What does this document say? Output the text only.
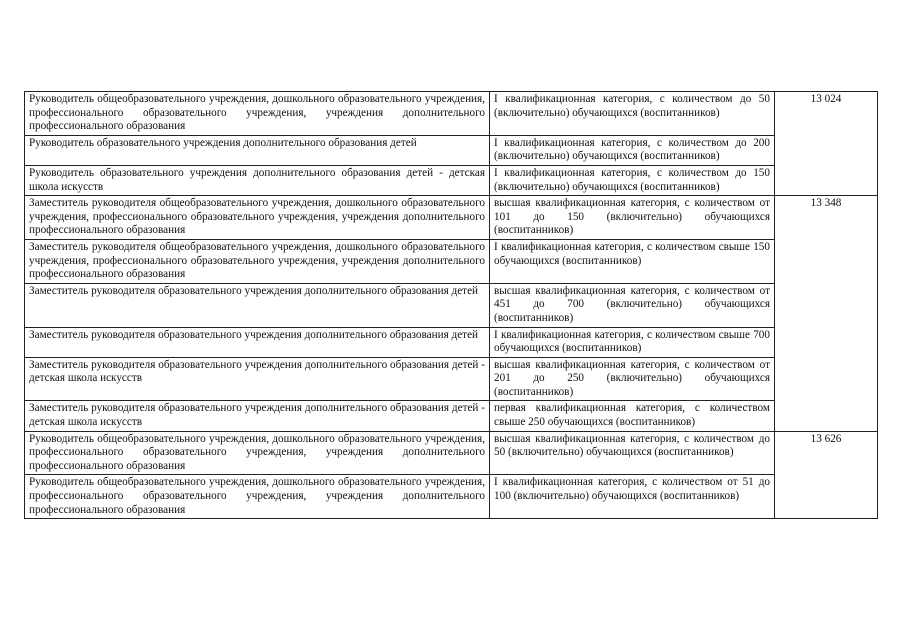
Руководитель общеобразовательного учреждения, дошкольного образовательного учреждения, профессионального образовательного учреждения, учреждения дополнительного профессионального образования	I квалификационная категория, с количеством до 50 (включительно) обучающихся (воспитанников)	13 024
Руководитель образовательного учреждения дополнительного образования детей	I квалификационная категория, с количеством до 200 (включительно) обучающихся (воспитанников)	
Руководитель образовательного учреждения дополнительного образования детей - детская школа искусств	I квалификационная категория, с количеством до 150 (включительно) обучающихся (воспитанников)	
Заместитель руководителя общеобразовательного учреждения, дошкольного образовательного учреждения, профессионального образовательного учреждения, учреждения дополнительного профессионального образования	высшая квалификационная категория, с количеством от 101 до 150 (включительно) обучающихся (воспитанников)	13 348
Заместитель руководителя общеобразовательного учреждения, дошкольного образовательного учреждения, профессионального образовательного учреждения, учреждения дополнительного профессионального образования	I квалификационная категория, с количеством свыше 150 обучающихся (воспитанников)	
Заместитель руководителя образовательного учреждения дополнительного образования детей	высшая квалификационная категория, с количеством от 451 до 700 (включительно) обучающихся (воспитанников)	
Заместитель руководителя образовательного учреждения дополнительного образования детей	I квалификационная категория, с количеством свыше 700 обучающихся (воспитанников)	
Заместитель руководителя образовательного учреждения дополнительного образования детей - детская школа искусств	высшая квалификационная категория, с количеством от 201 до 250 (включительно) обучающихся (воспитанников)	
Заместитель руководителя образовательного учреждения дополнительного образования детей - детская школа искусств	первая квалификационная категория, с количеством свыше 250 обучающихся (воспитанников)	
Руководитель общеобразовательного учреждения, дошкольного образовательного учреждения, профессионального образовательного учреждения, учреждения дополнительного профессионального образования	высшая квалификационная категория, с количеством до 50 (включительно) обучающихся (воспитанников)	13 626
Руководитель общеобразовательного учреждения, дошкольного образовательного учреждения, профессионального образовательного учреждения, учреждения дополнительного профессионального образования	I квалификационная категория, с количеством от 51 до 100 (включительно) обучающихся (воспитанников)	
